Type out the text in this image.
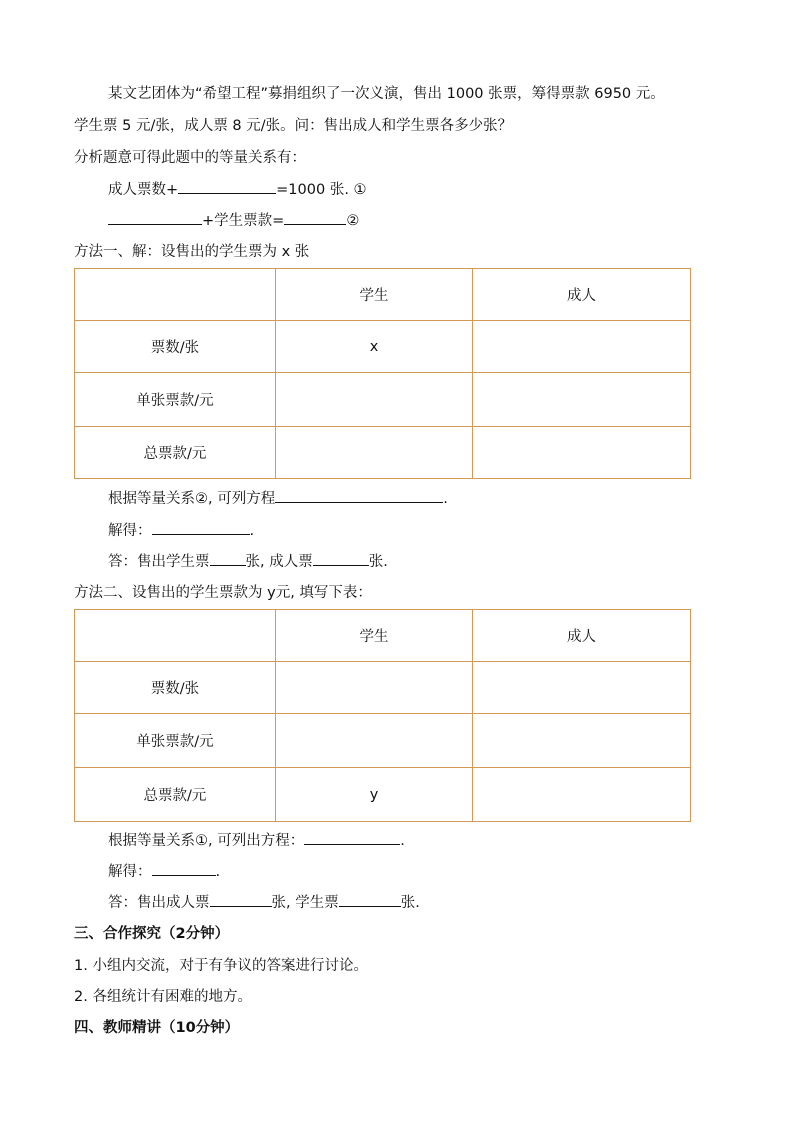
某文艺团体为“希望工程”募捐组织了一次义演，售出 1000 张票，筹得票款 6950 元。
学生票 5 元/张，成人票 8 元/张。问：售出成人和学生票各多少张？
分析题意可得此题中的等量关系有：
成人票数+	=1000 张. ①
+学生票款=	②
方法一、解：设售出的学生票为 x 张
	学生	成人
票数/张	x	
单张票款/元		
总票款/元		
根据等量关系②, 可列方程	.
解得：	.
答：售出学生票 张, 成人票	张.
方法二、设售出的学生票款为 y元, 填写下表：
	学生	成人
票数/张		
单张票款/元		
总票款/元	y	
根据等量关系①, 可列出方程：	.
解得：	.
答：售出成人票	张, 学生票	张.
三、合作探究（2分钟）
1. 小组内交流，对于有争议的答案进行讨论。
2. 各组统计有困难的地方。
四、教师精讲（10分钟）
